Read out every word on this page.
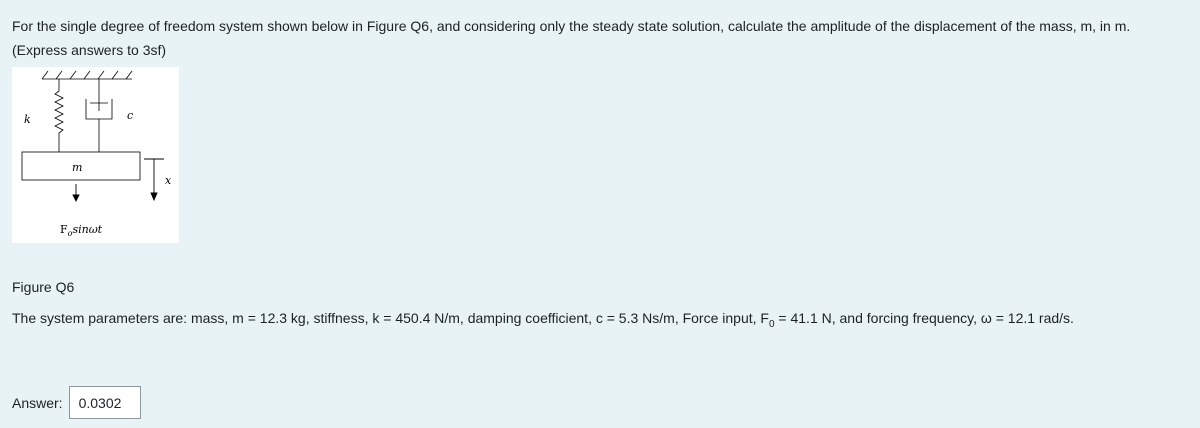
For the single degree of freedom system shown below in Figure Q6, and considering only the steady state solution, calculate the amplitude of the displacement of the mass, m, in m.
(Express answers to 3sf)
k	c
m
x
$F_o\sin\omega t$
Figure Q6
The system parameters are: mass, m = 12.3 kg, stiffness, k = 450.4 N/m, damping coefficient, c = 5.3 Ns/m, Force input, $F_0 = 41.1$ N, and forcing frequency, ω = 12.1 rad/s.
Answer:
0.0302
